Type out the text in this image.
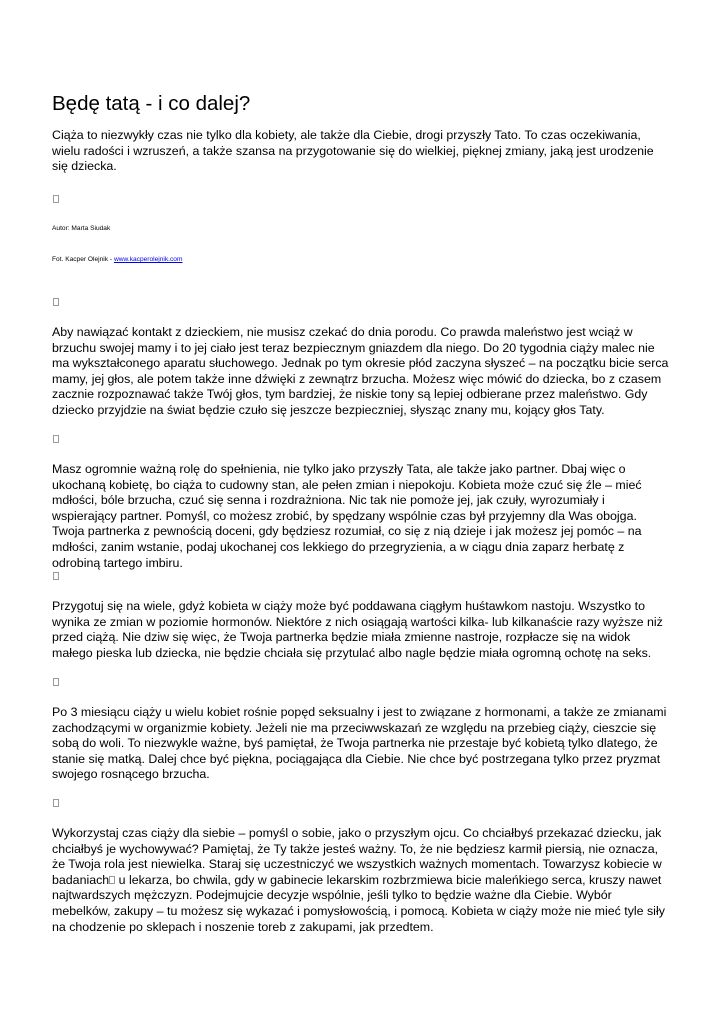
Będę tatą - i co dalej?

Ciąża to niezwykły czas nie tylko dla kobiety, ale także dla Ciebie, drogi przyszły Tato. To czas oczekiwania, wielu radości i wzruszeń, a także szansa na przygotowanie się do wielkiej, pięknej zmiany, jaką jest urodzenie się dziecka.

Autor: Marta Siudak
Fot. Kacper Olejnik - www.kacperolejnik.com

Aby nawiązać kontakt z dzieckiem, nie musisz czekać do dnia porodu. Co prawda maleństwo jest wciąż w brzuchu swojej mamy i to jej ciało jest teraz bezpiecznym gniazdem dla niego. Do 20 tygodnia ciąży malec nie ma wykształconego aparatu słuchowego. Jednak po tym okresie płód zaczyna słyszeć – na początku bicie serca mamy, jej głos, ale potem także inne dźwięki z zewnątrz brzucha. Możesz więc mówić do dziecka, bo z czasem zacznie rozpoznawać także Twój głos, tym bardziej, że niskie tony są lepiej odbierane przez maleństwo. Gdy dziecko przyjdzie na świat będzie czuło się jeszcze bezpieczniej, słysząc znany mu, kojący głos Taty.

Masz ogromnie ważną rolę do spełnienia, nie tylko jako przyszły Tata, ale także jako partner. Dbaj więc o ukochaną kobietę, bo ciąża to cudowny stan, ale pełen zmian i niepokoju. Kobieta może czuć się źle – mieć mdłości, bóle brzucha, czuć się senna i rozdrażniona. Nic tak nie pomoże jej, jak czuły, wyrozumiały i wspierający partner. Pomyśl, co możesz zrobić, by spędzany wspólnie czas był przyjemny dla Was obojga. Twoja partnerka z pewnością doceni, gdy będziesz rozumiał, co się z nią dzieje i jak możesz jej pomóc – na mdłości, zanim wstanie, podaj ukochanej cos lekkiego do przegryzienia, a w ciągu dnia zaparz herbatę z odrobiną tartego imbiru.

Przygotuj się na wiele, gdyż kobieta w ciąży może być poddawana ciągłym huśtawkom nastoju. Wszystko to wynika ze zmian w poziomie hormonów. Niektóre z nich osiągają wartości kilka- lub kilkanaście razy wyższe niż przed ciążą. Nie dziw się więc, że Twoja partnerka będzie miała zmienne nastroje, rozpłacze się na widok małego pieska lub dziecka, nie będzie chciała się przytulać albo nagle będzie miała ogromną ochotę na seks.

Po 3 miesiącu ciąży u wielu kobiet rośnie popęd seksualny i jest to związane z hormonami, a także ze zmianami zachodzącymi w organizmie kobiety. Jeżeli nie ma przeciwwskazań ze względu na przebieg ciąży, cieszcie się sobą do woli. To niezwykle ważne, byś pamiętał, że Twoja partnerka nie przestaje być kobietą tylko dlatego, że stanie się matką. Dalej chce być piękna, pociągająca dla Ciebie. Nie chce być postrzegana tylko przez pryzmat swojego rosnącego brzucha.

Wykorzystaj czas ciąży dla siebie – pomyśl o sobie, jako o przyszłym ojcu. Co chciałbyś przekazać dziecku, jak chciałbyś je wychowywać? Pamiętaj, że Ty także jesteś ważny. To, że nie będziesz karmił piersią, nie oznacza, że Twoja rola jest niewielka. Staraj się uczestniczyć we wszystkich ważnych momentach. Towarzysz kobiecie w badaniach u lekarza, bo chwila, gdy w gabinecie lekarskim rozbrzmiewa bicie maleńkiego serca, kruszy nawet najtwardszych mężczyzn. Podejmujcie decyzje wspólnie, jeśli tylko to będzie ważne dla Ciebie. Wybór mebelków, zakupy – tu możesz się wykazać i pomysłowością, i pomocą. Kobieta w ciąży może nie mieć tyle siły na chodzenie po sklepach i noszenie toreb z zakupami, jak przedtem.
